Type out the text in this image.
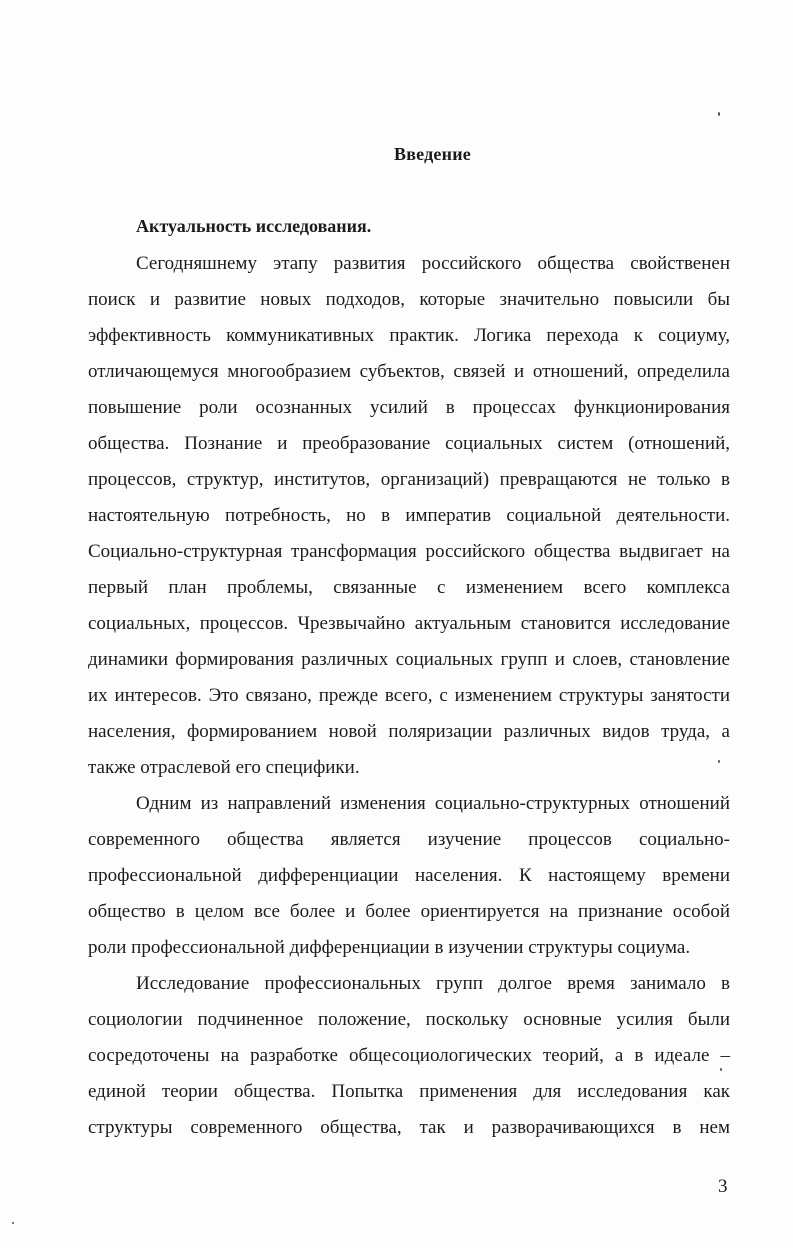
Введение
Актуальность исследования.
Сегодняшнему этапу развития российского общества свойственен
поиск и развитие новых подходов, которые значительно повысили бы
эффективность коммуникативных практик. Логика перехода к социуму,
отличающемуся многообразием субъектов, связей и отношений, определила
повышение роли осознанных усилий в процессах функционирования
общества. Познание и преобразование социальных систем (отношений,
процессов, структур, институтов, организаций) превращаются не только в
настоятельную потребность, но в императив социальной деятельности.
Социально-структурная трансформация российского общества выдвигает на
первый план проблемы, связанные с изменением всего комплекса
социальных, процессов. Чрезвычайно актуальным становится исследование
динамики формирования различных социальных групп и слоев, становление
их интересов. Это связано, прежде всего, с изменением структуры занятости
населения, формированием новой поляризации различных видов труда, а
также отраслевой его специфики.
Одним из направлений изменения социально-структурных отношений
современного общества является изучение процессов социально-
профессиональной дифференциации населения. К настоящему времени
общество в целом все более и более ориентируется на признание особой
роли профессиональной дифференциации в изучении структуры социума.
Исследование профессиональных групп долгое время занимало в
социологии подчиненное положение, поскольку основные усилия были
сосредоточены на разработке общесоциологических теорий, а в идеале –
единой теории общества. Попытка применения для исследования как
структуры современного общества, так и разворачивающихся в нем
3
